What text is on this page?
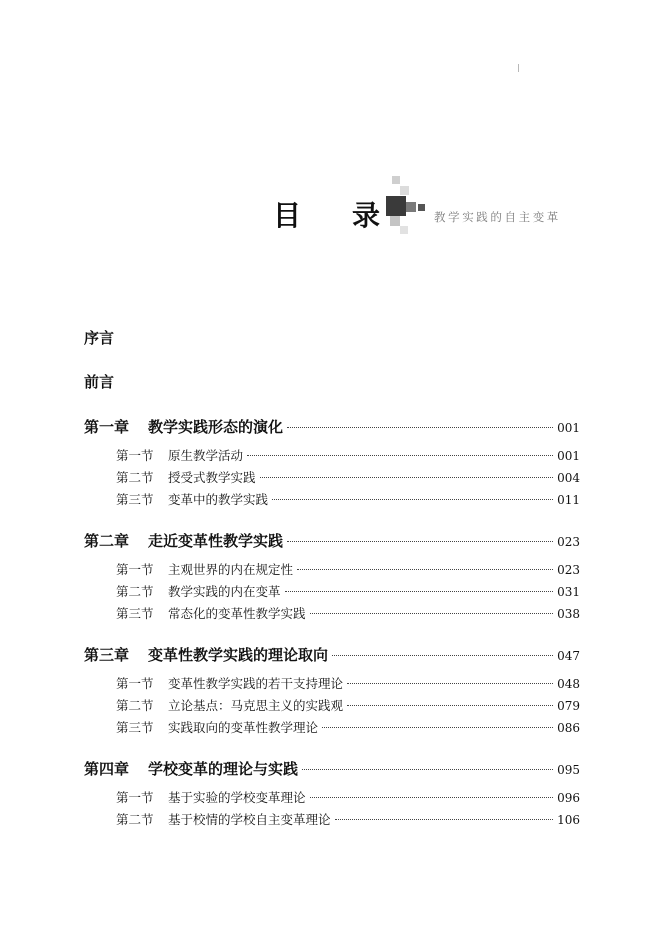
目 录	教学实践的自主变革
序言
前言
第一章	教学实践形态的演化	001
第一节	原生教学活动	001
第二节	授受式教学实践	004
第三节	变革中的教学实践	011
第二章	走近变革性教学实践	023
第一节	主观世界的内在规定性	023
第二节	教学实践的内在变革	031
第三节	常态化的变革性教学实践	038
第三章	变革性教学实践的理论取向	047
第一节	变革性教学实践的若干支持理论	048
第二节	立论基点：马克思主义的实践观	079
第三节	实践取向的变革性教学理论	086
第四章	学校变革的理论与实践	095
第一节	基于实验的学校变革理论	096
第二节	基于校情的学校自主变革理论	106
